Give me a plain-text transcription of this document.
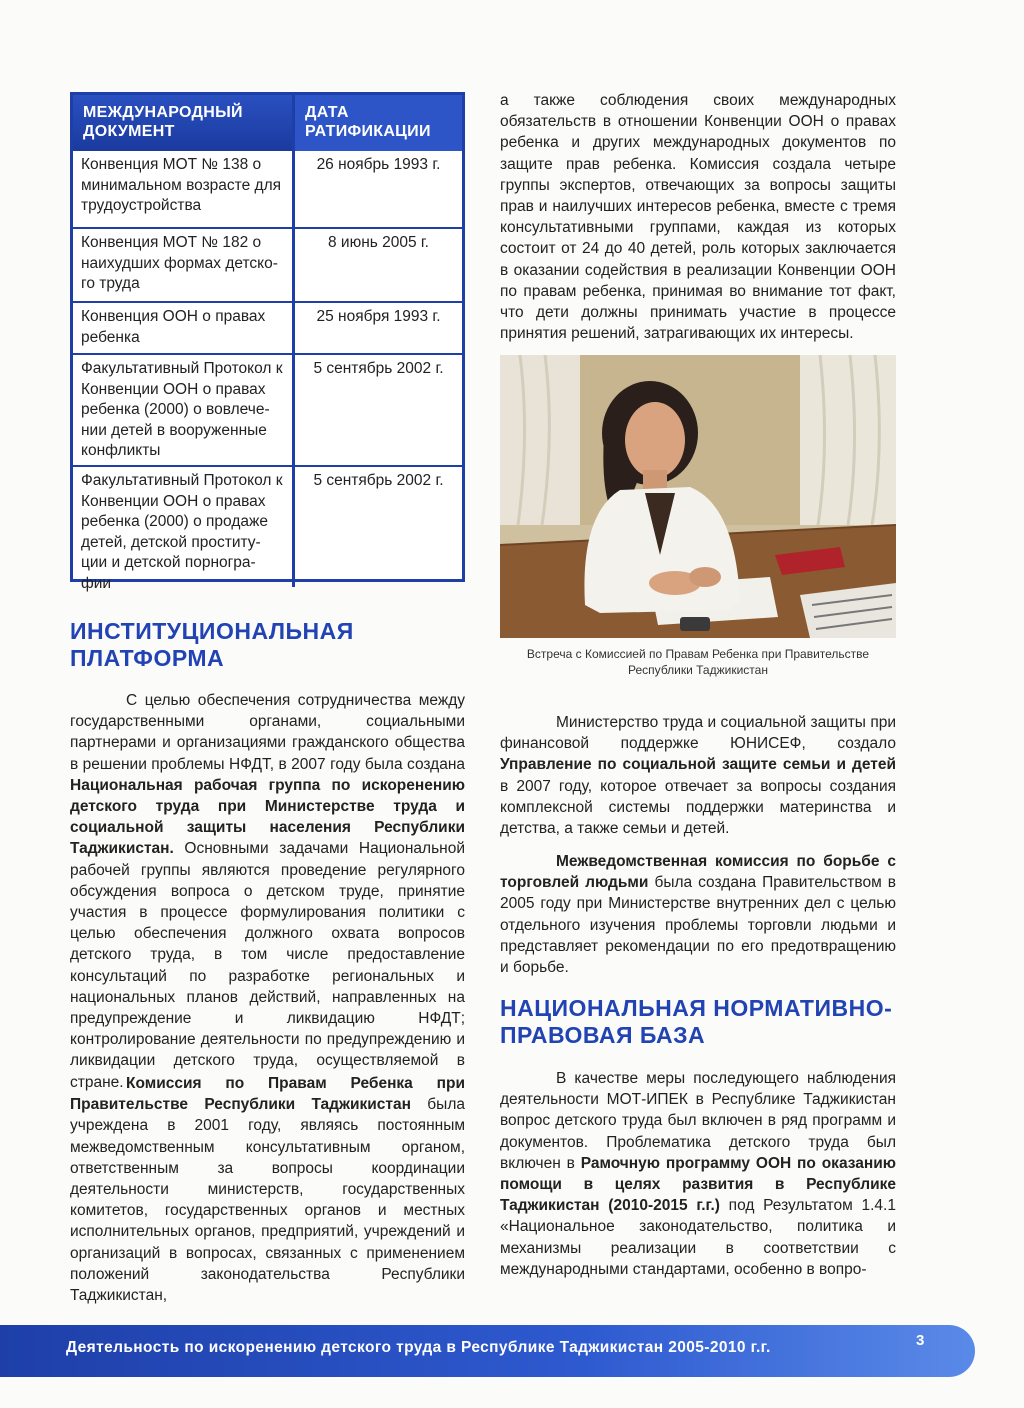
МЕЖДУНАРОДНЫЙ ДОКУМЕНТ
ДАТА РАТИФИКАЦИИ
Конвенция МОТ № 138 о минимальном возрасте для трудоустройства
26 ноябрь 1993 г.
Конвенция МОТ № 182 о наихудших формах детско-го труда
8 июнь 2005 г.
Конвенция ООН о правах ребенка
25 ноября 1993 г.
Факультативный Протокол к Конвенции ООН о правах ребенка (2000) о вовлече-нии детей в вооруженные конфликты
5 сентябрь 2002 г.
Факультативный Протокол к Конвенции ООН о правах ребенка (2000) о продаже детей, детской проститу-ции и детской порногра-фии
5 сентябрь 2002 г.

а также соблюдения своих международных обязательств в отношении Конвенции ООН о правах ребенка и других международных документов по защите прав ребенка. Комиссия создала четыре группы экспертов, отвечающих за вопросы защиты прав и наилучших интересов ребенка, вместе с тремя консультативными группами, каждая из которых состоит от 24 до 40 детей, роль которых заключается в оказании содействия в реализации Конвенции ООН по правам ребенка, принимая во внимание тот факт, что дети должны принимать участие в процессе принятия решений, затрагивающих их интересы.

Встреча с Комиссией по Правам Ребенка при Правительстве Республики Таджикистан

ИНСТИТУЦИОНАЛЬНАЯ ПЛАТФОРМА

С целью обеспечения сотрудничества между государственными органами, социальными партнерами и организациями гражданского общества в решении проблемы НФДТ, в 2007 году была создана Национальная рабочая группа по искоренению детского труда при Министерстве труда и социальной защиты населения Республики Таджикистан. Основными задачами Национальной рабочей группы являются проведение регулярного обсуждения вопроса о детском труде, принятие участия в процессе формулирования политики с целью обеспечения должного охвата вопросов детского труда, в том числе предоставление консультаций по разработке региональных и национальных планов действий, направленных на предупреждение и ликвидацию НФДТ; контролирование деятельности по предупреждению и ликвидации детского труда, осуществляемой в стране. Комиссия по Правам Ребенка при Правительстве Республики Таджикистан была учреждена в 2001 году, являясь постоянным межведомственным консультативным органом, ответственным за вопросы координации деятельности министерств, государственных комитетов, государственных органов и местных исполнительных органов, предприятий, учреждений и организаций в вопросах, связанных с применением положений законодательства Республики Таджикистан,

Министерство труда и социальной защиты при финансовой поддержке ЮНИСЕФ, создало Управление по социальной защите семьи и детей в 2007 году, которое отвечает за вопросы создания комплексной системы поддержки материнства и детства, а также семьи и детей.

Межведомственная комиссия по борьбе с торговлей людьми была создана Правительством в 2005 году при Министерстве внутренних дел с целью отдельного изучения проблемы торговли людьми и представляет рекомендации по его предотвращению и борьбе.

НАЦИОНАЛЬНАЯ НОРМАТИВНО-ПРАВОВАЯ БАЗА

В качестве меры последующего наблюдения деятельности МОТ-ИПЕК в Республике Таджикистан вопрос детского труда был включен в ряд программ и документов. Проблематика детского труда был включен в Рамочную программу ООН по оказанию помощи в целях развития в Республике Таджикистан (2010-2015 г.г.) под Результатом 1.4.1 «Национальное законодательство, политика и механизмы реализации в соответствии с международными стандартами, особенно в вопро-

Деятельность по искоренению детского труда в Республике Таджикистан 2005-2010 г.г.	3
